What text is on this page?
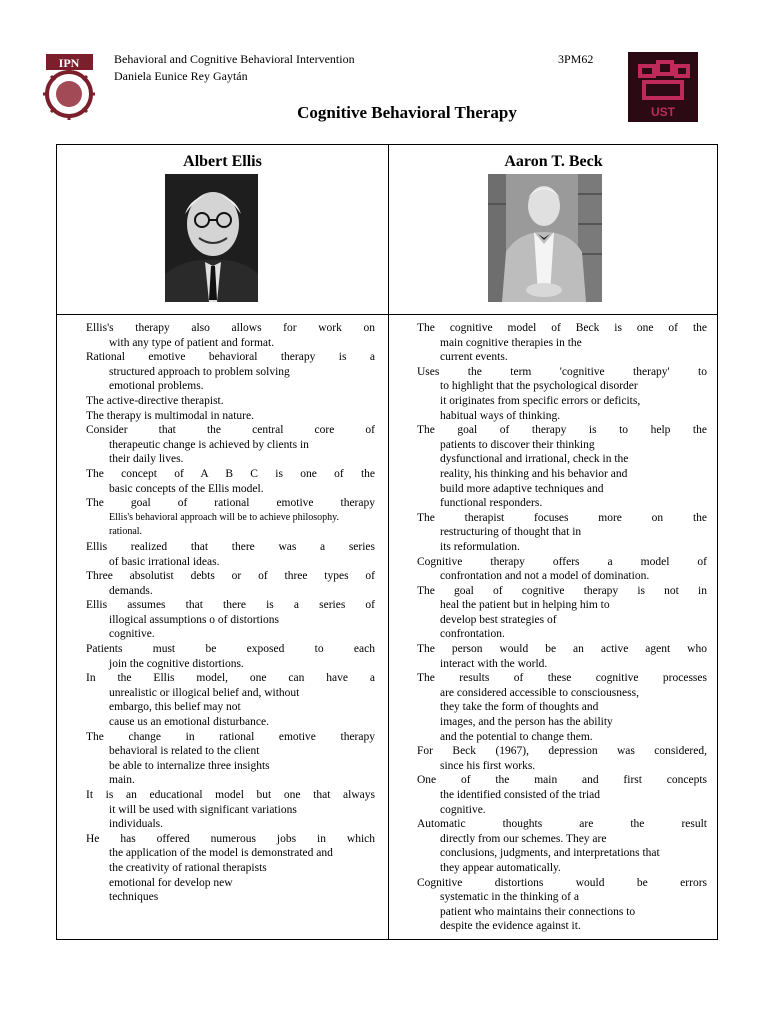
IPN	Behavioral and Cognitive Behavioral Intervention
Daniela Eunice Rey Gaytán
3PM62
UST
Cognitive Behavioral Therapy
Albert Ellis	Aaron T. Beck
Ellis's therapy also allows for work on
with any type of patient and format.
Rational emotive behavioral therapy is a
structured approach to problem solving
emotional problems.
The active-directive therapist.
The therapy is multimodal in nature.
Consider that the central core of
therapeutic change is achieved by clients in
their daily lives.
The concept of A B C is one of the
basic concepts of the Ellis model.
The goal of rational emotive therapy
Ellis's behavioral approach will be to achieve philosophy.
rational.
Ellis realized that there was a series
of basic irrational ideas.
Three absolutist debts or of three types of
demands.
Ellis assumes that there is a series of
illogical assumptions o of distortions
cognitive.
Patients must be exposed to each
join the cognitive distortions.
In the Ellis model, one can have a
unrealistic or illogical belief and, without
embargo, this belief may not
cause us an emotional disturbance.
The change in rational emotive therapy
behavioral is related to the client
be able to internalize three insights
main.
It is an educational model but one that always
it will be used with significant variations
individuals.
He has offered numerous jobs in which
the application of the model is demonstrated and
the creativity of rational therapists
emotional for develop new
techniques
The cognitive model of Beck is one of the
main cognitive therapies in the
current events.
Uses the term 'cognitive therapy' to
to highlight that the psychological disorder
it originates from specific errors or deficits,
habitual ways of thinking.
The goal of therapy is to help the
patients to discover their thinking
dysfunctional and irrational, check in the
reality, his thinking and his behavior and
build more adaptive techniques and
functional responders.
The therapist focuses more on the
restructuring of thought that in
its reformulation.
Cognitive therapy offers a model of
confrontation and not a model of domination.
The goal of cognitive therapy is not in
heal the patient but in helping him to
develop best strategies of
confrontation.
The person would be an active agent who
interact with the world.
The results of these cognitive processes
are considered accessible to consciousness,
they take the form of thoughts and
images, and the person has the ability
and the potential to change them.
For Beck (1967), depression was considered,
since his first works.
One of the main and first concepts
the identified consisted of the triad
cognitive.
Automatic thoughts are the result
directly from our schemes. They are
conclusions, judgments, and interpretations that
they appear automatically.
Cognitive distortions would be errors
systematic in the thinking of a
patient who maintains their connections to
despite the evidence against it.
